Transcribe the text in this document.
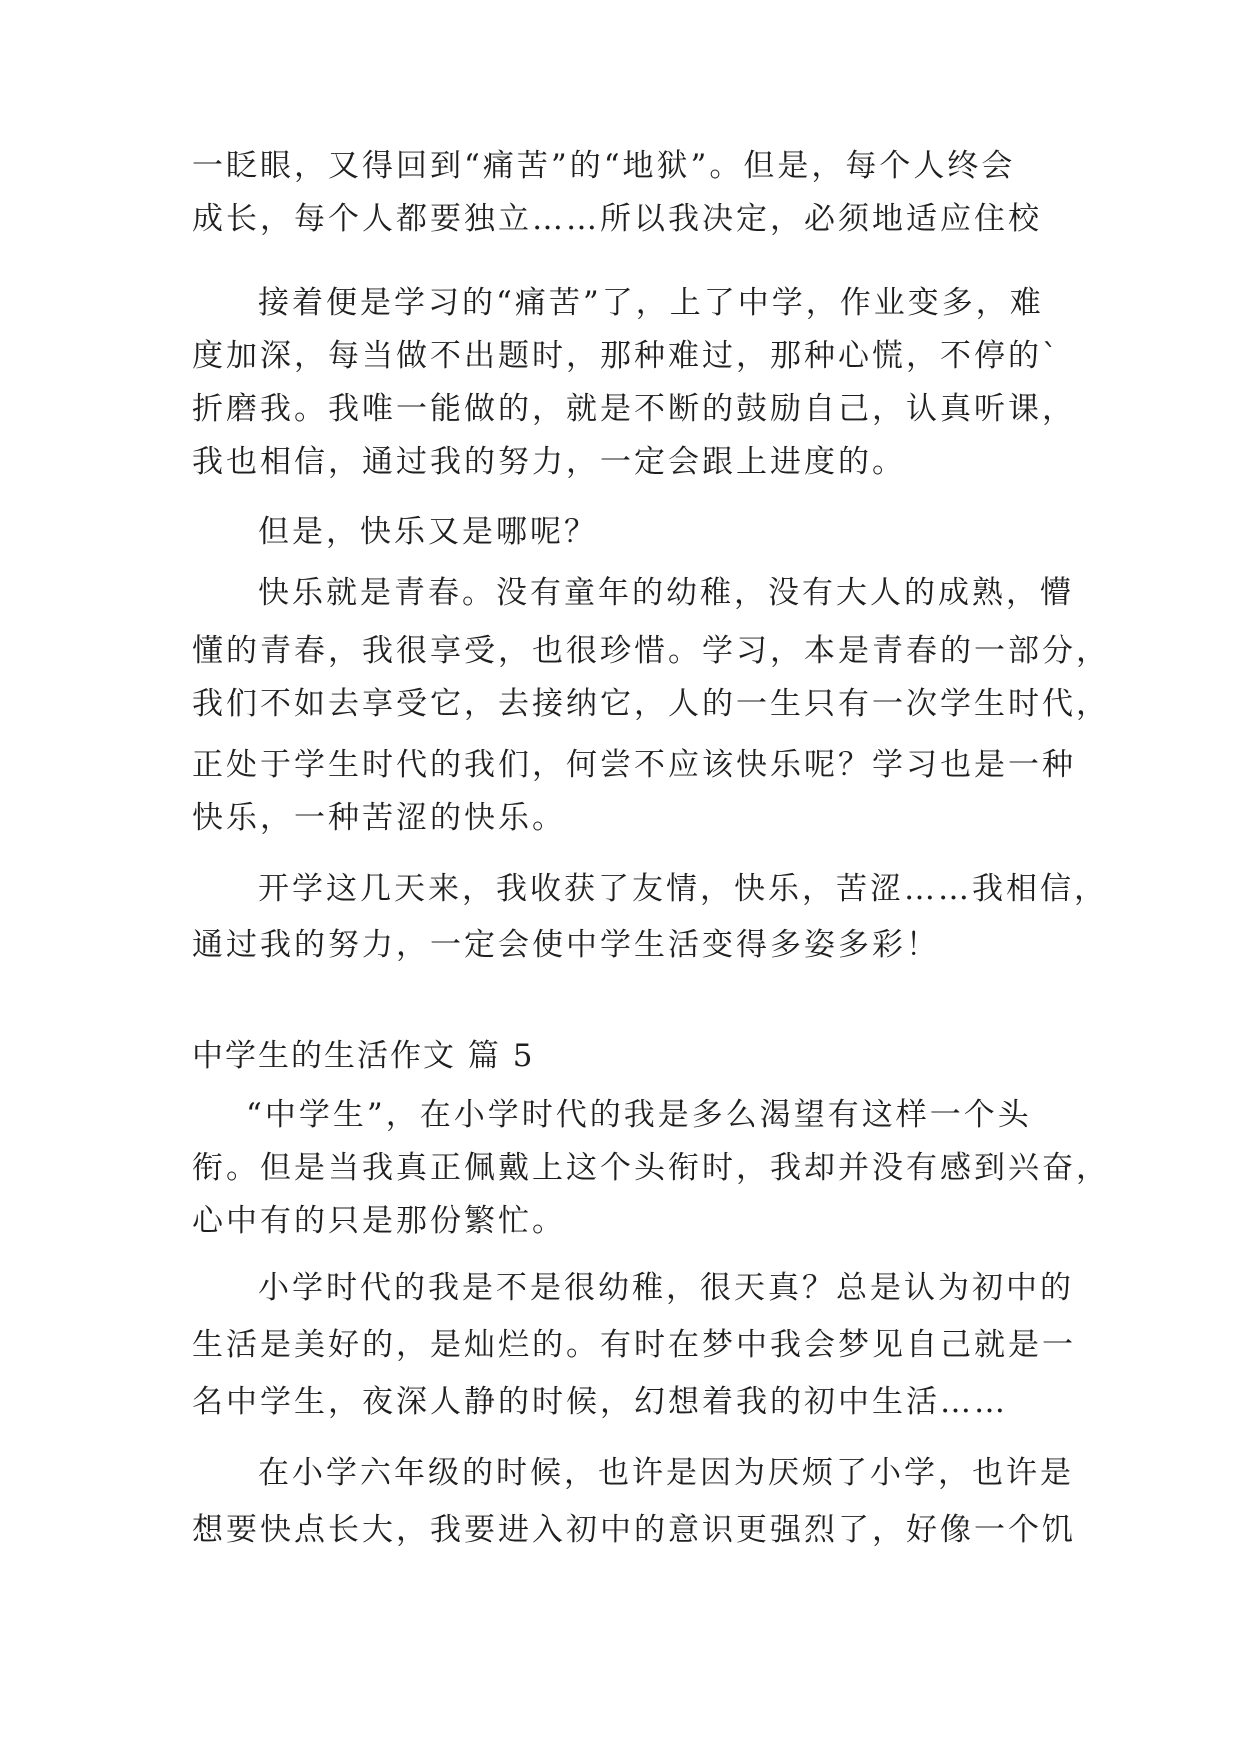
一眨眼，又得回到“痛苦”的“地狱”。但是，每个人终会
成长，每个人都要独立……所以我决定，必须地适应住校
接着便是学习的“痛苦”了，上了中学，作业变多，难
度加深，每当做不出题时，那种难过，那种心慌，不停的`
折磨我。我唯一能做的，就是不断的鼓励自己，认真听课，
我也相信，通过我的努力，一定会跟上进度的。
但是，快乐又是哪呢？
快乐就是青春。没有童年的幼稚，没有大人的成熟，懵
懂的青春，我很享受，也很珍惜。学习，本是青春的一部分，
我们不如去享受它，去接纳它，人的一生只有一次学生时代，
正处于学生时代的我们，何尝不应该快乐呢？学习也是一种
快乐，一种苦涩的快乐。
开学这几天来，我收获了友情，快乐，苦涩……我相信，
通过我的努力，一定会使中学生活变得多姿多彩！
中学生的生活作文 篇 5
“中学生”，在小学时代的我是多么渴望有这样一个头
衔。但是当我真正佩戴上这个头衔时，我却并没有感到兴奋，
心中有的只是那份繁忙。
小学时代的我是不是很幼稚，很天真？总是认为初中的
生活是美好的，是灿烂的。有时在梦中我会梦见自己就是一
名中学生，夜深人静的时候，幻想着我的初中生活……
在小学六年级的时候，也许是因为厌烦了小学，也许是
想要快点长大，我要进入初中的意识更强烈了，好像一个饥
